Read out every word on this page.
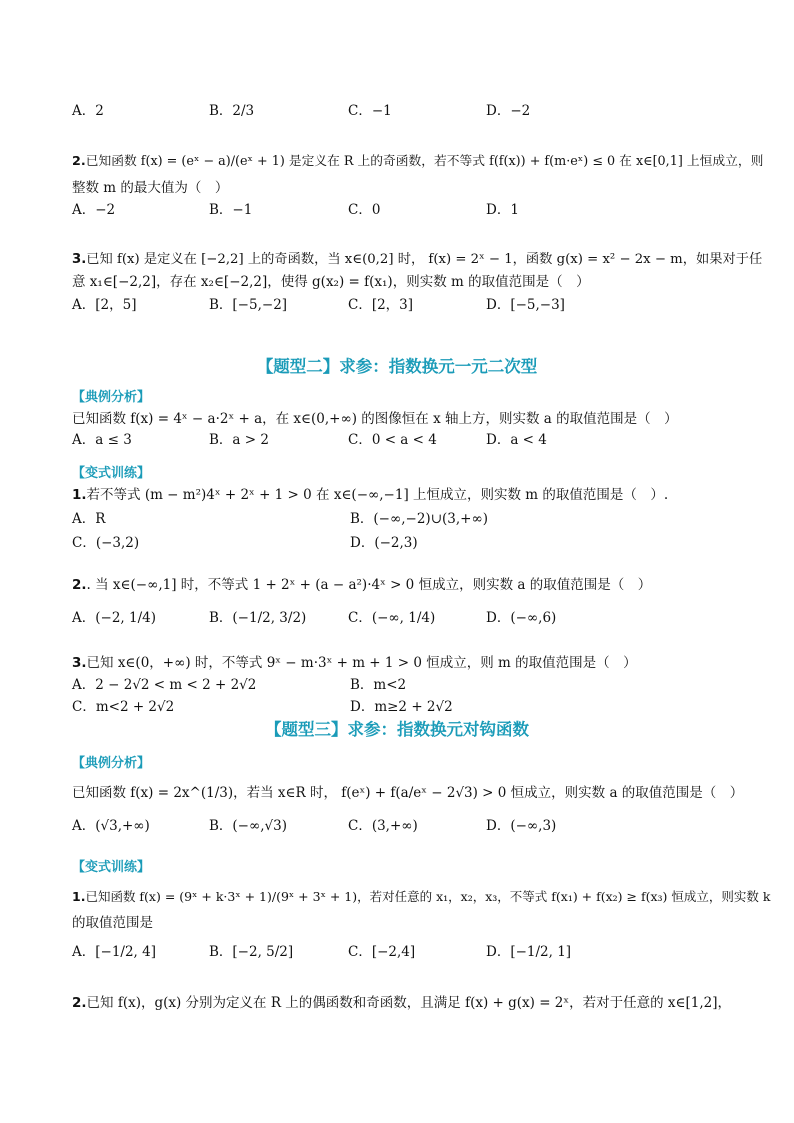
A．2	B．2/3	C．−1	D．−2
2.已知函数 f(x) = (eˣ − a)/(eˣ + 1) 是定义在 R 上的奇函数，若不等式 f(f(x)) + f(m·eˣ) ≤ 0 在 x∈[0,1] 上恒成立，则
整数 m 的最大值为（　）
A．−2	B．−1	C．0	D．1
3.已知 f(x) 是定义在 [−2,2] 上的奇函数，当 x∈(0,2] 时， f(x) = 2ˣ − 1，函数 g(x) = x² − 2x − m，如果对于任
意 x₁∈[−2,2]，存在 x₂∈[−2,2]，使得 g(x₂) = f(x₁)，则实数 m 的取值范围是（　）
A．[2，5]	B．[−5,−2]	C．[2，3]	D．[−5,−3]
【题型二】求参：指数换元一元二次型
【典例分析】
已知函数 f(x) = 4ˣ − a·2ˣ + a，在 x∈(0,+∞) 的图像恒在 x 轴上方，则实数 a 的取值范围是（　）
A．a ≤ 3	B．a > 2	C．0 < a < 4	D．a < 4
【变式训练】
1.若不等式 (m − m²)4ˣ + 2ˣ + 1 > 0 在 x∈(−∞,−1] 上恒成立，则实数 m 的取值范围是（　）.
A．R	B．(−∞,−2)∪(3,+∞)
C．(−3,2)	D．(−2,3)
2.. 当 x∈(−∞,1] 时，不等式 1 + 2ˣ + (a − a²)·4ˣ > 0 恒成立，则实数 a 的取值范围是（　）
A．(−2, 1/4)	B．(−1/2, 3/2)	C．(−∞, 1/4)	D．(−∞,6)
3.已知 x∈(0，+∞) 时，不等式 9ˣ − m·3ˣ + m + 1 > 0 恒成立，则 m 的取值范围是（　）
A．2 − 2√2 < m < 2 + 2√2	B．m<2
C．m<2 + 2√2	D．m≥2 + 2√2
【题型三】求参：指数换元对钩函数
【典例分析】
已知函数 f(x) = 2x^(1/3)，若当 x∈R 时， f(eˣ) + f(a/eˣ − 2√3) > 0 恒成立，则实数 a 的取值范围是（　）
A．(√3,+∞)	B．(−∞,√3)	C．(3,+∞)	D．(−∞,3)
【变式训练】
1.已知函数 f(x) = (9ˣ + k·3ˣ + 1)/(9ˣ + 3ˣ + 1)，若对任意的 x₁，x₂，x₃，不等式 f(x₁) + f(x₂) ≥ f(x₃) 恒成立，则实数 k
的取值范围是
A．[−1/2, 4]	B．[−2, 5/2]	C．[−2,4]	D．[−1/2, 1]
2.已知 f(x)，g(x) 分别为定义在 R 上的偶函数和奇函数，且满足 f(x) + g(x) = 2ˣ，若对于任意的 x∈[1,2]，
